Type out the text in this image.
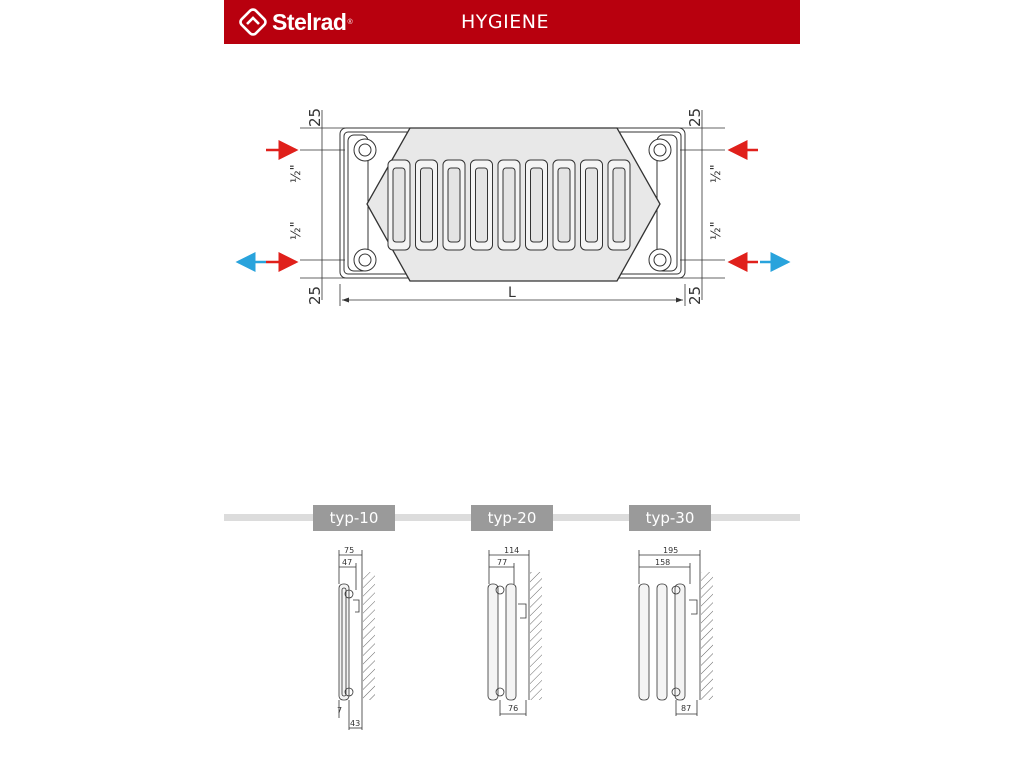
Stelrad ®	HYGIENE
25	25
25	25
½"
½"
½"
½"
L
75
47
7
43
114
77
76
195
158
87
typ-10	typ-20	typ-30
